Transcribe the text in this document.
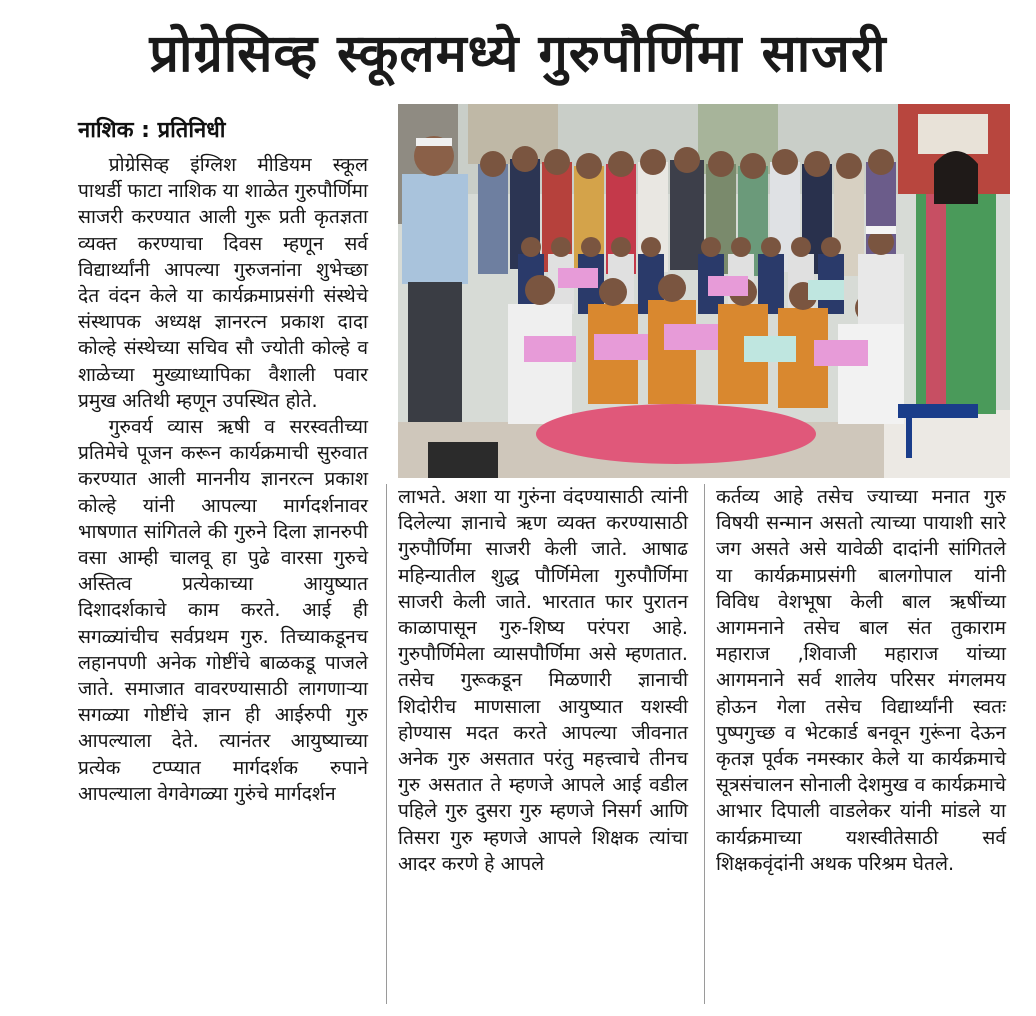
प्रोग्रेसिव्ह स्कूलमध्ये गुरुपौर्णिमा साजरी
नाशिक : प्रतिनिधी

प्रोग्रेसिव्ह इंग्लिश मीडियम स्कूल पाथर्डी फाटा नाशिक या शाळेत गुरुपौर्णिमा साजरी करण्यात आली गुरू प्रती कृतज्ञता व्यक्त करण्याचा दिवस म्हणून सर्व विद्यार्थ्यांनी आपल्या गुरुजनांना शुभेच्छा देत वंदन केले या कार्यक्रमाप्रसंगी संस्थेचे संस्थापक अध्यक्ष ज्ञानरत्न प्रकाश दादा कोल्हे संस्थेच्या सचिव सौ ज्योती कोल्हे व शाळेच्या मुख्याध्यापिका वैशाली पवार प्रमुख अतिथी म्हणून उपस्थित होते.

गुरुवर्य व्यास ऋषी व सरस्वतीच्या प्रतिमेचे पूजन करून कार्यक्रमाची सुरुवात करण्यात आली माननीय ज्ञानरत्न प्रकाश कोल्हे यांनी आपल्या मार्गदर्शनावर भाषणात सांगितले की गुरुने दिला ज्ञानरुपी वसा आम्ही चालवू हा पुढे वारसा गुरुचे अस्तित्व प्रत्येकाच्या आयुष्यात दिशादर्शकाचे काम करते. आई ही सगळ्यांचीच सर्वप्रथम गुरु. तिच्याकडूनच लहानपणी अनेक गोष्टींचे बाळकडू पाजले जाते. समाजात वावरण्यासाठी लागणाऱ्या सगळ्या गोष्टींचे ज्ञान ही आईरुपी गुरु आपल्याला देते. त्यानंतर आयुष्याच्या प्रत्येक टप्प्यात मार्गदर्शक रुपाने आपल्याला वेगवेगळ्या गुरुंचे मार्गदर्शन

लाभते. अशा या गुरुंना वंदण्यासाठी त्यांनी दिलेल्या ज्ञानाचे ऋण व्यक्त करण्यासाठी गुरुपौर्णिमा साजरी केली जाते. आषाढ महिन्यातील शुद्ध पौर्णिमेला गुरुपौर्णिमा साजरी केली जाते. भारतात फार पुरातन काळापासून गुरु-शिष्य परंपरा आहे. गुरुपौर्णिमेला व्यासपौर्णिमा असे म्हणतात. तसेच गुरूकडून मिळणारी ज्ञानाची शिदोरीच माणसाला आयुष्यात यशस्वी होण्यास मदत करते आपल्या जीवनात अनेक गुरु असतात परंतु महत्त्वाचे तीनच गुरु असतात ते म्हणजे आपले आई वडील पहिले गुरु दुसरा गुरु म्हणजे निसर्ग आणि तिसरा गुरु म्हणजे आपले शिक्षक त्यांचा आदर करणे हे आपले

कर्तव्य आहे तसेच ज्याच्या मनात गुरु विषयी सन्मान असतो त्याच्या पायाशी सारे जग असते असे यावेळी दादांनी सांगितले या कार्यक्रमाप्रसंगी बालगोपाल यांनी विविध वेशभूषा केली बाल ऋषींच्या आगमनाने तसेच बाल संत तुकाराम महाराज ,शिवाजी महाराज यांच्या आगमनाने सर्व शालेय परिसर मंगलमय होऊन गेला तसेच विद्यार्थ्यांनी स्वतः पुष्पगुच्छ व भेटकार्ड बनवून गुरूंना देऊन कृतज्ञ पूर्वक नमस्कार केले या कार्यक्रमाचे सूत्रसंचालन सोनाली देशमुख व कार्यक्रमाचे आभार दिपाली वाडलेकर यांनी मांडले या कार्यक्रमाच्या यशस्वीतेसाठी सर्व शिक्षकवृंदांनी अथक परिश्रम घेतले.
